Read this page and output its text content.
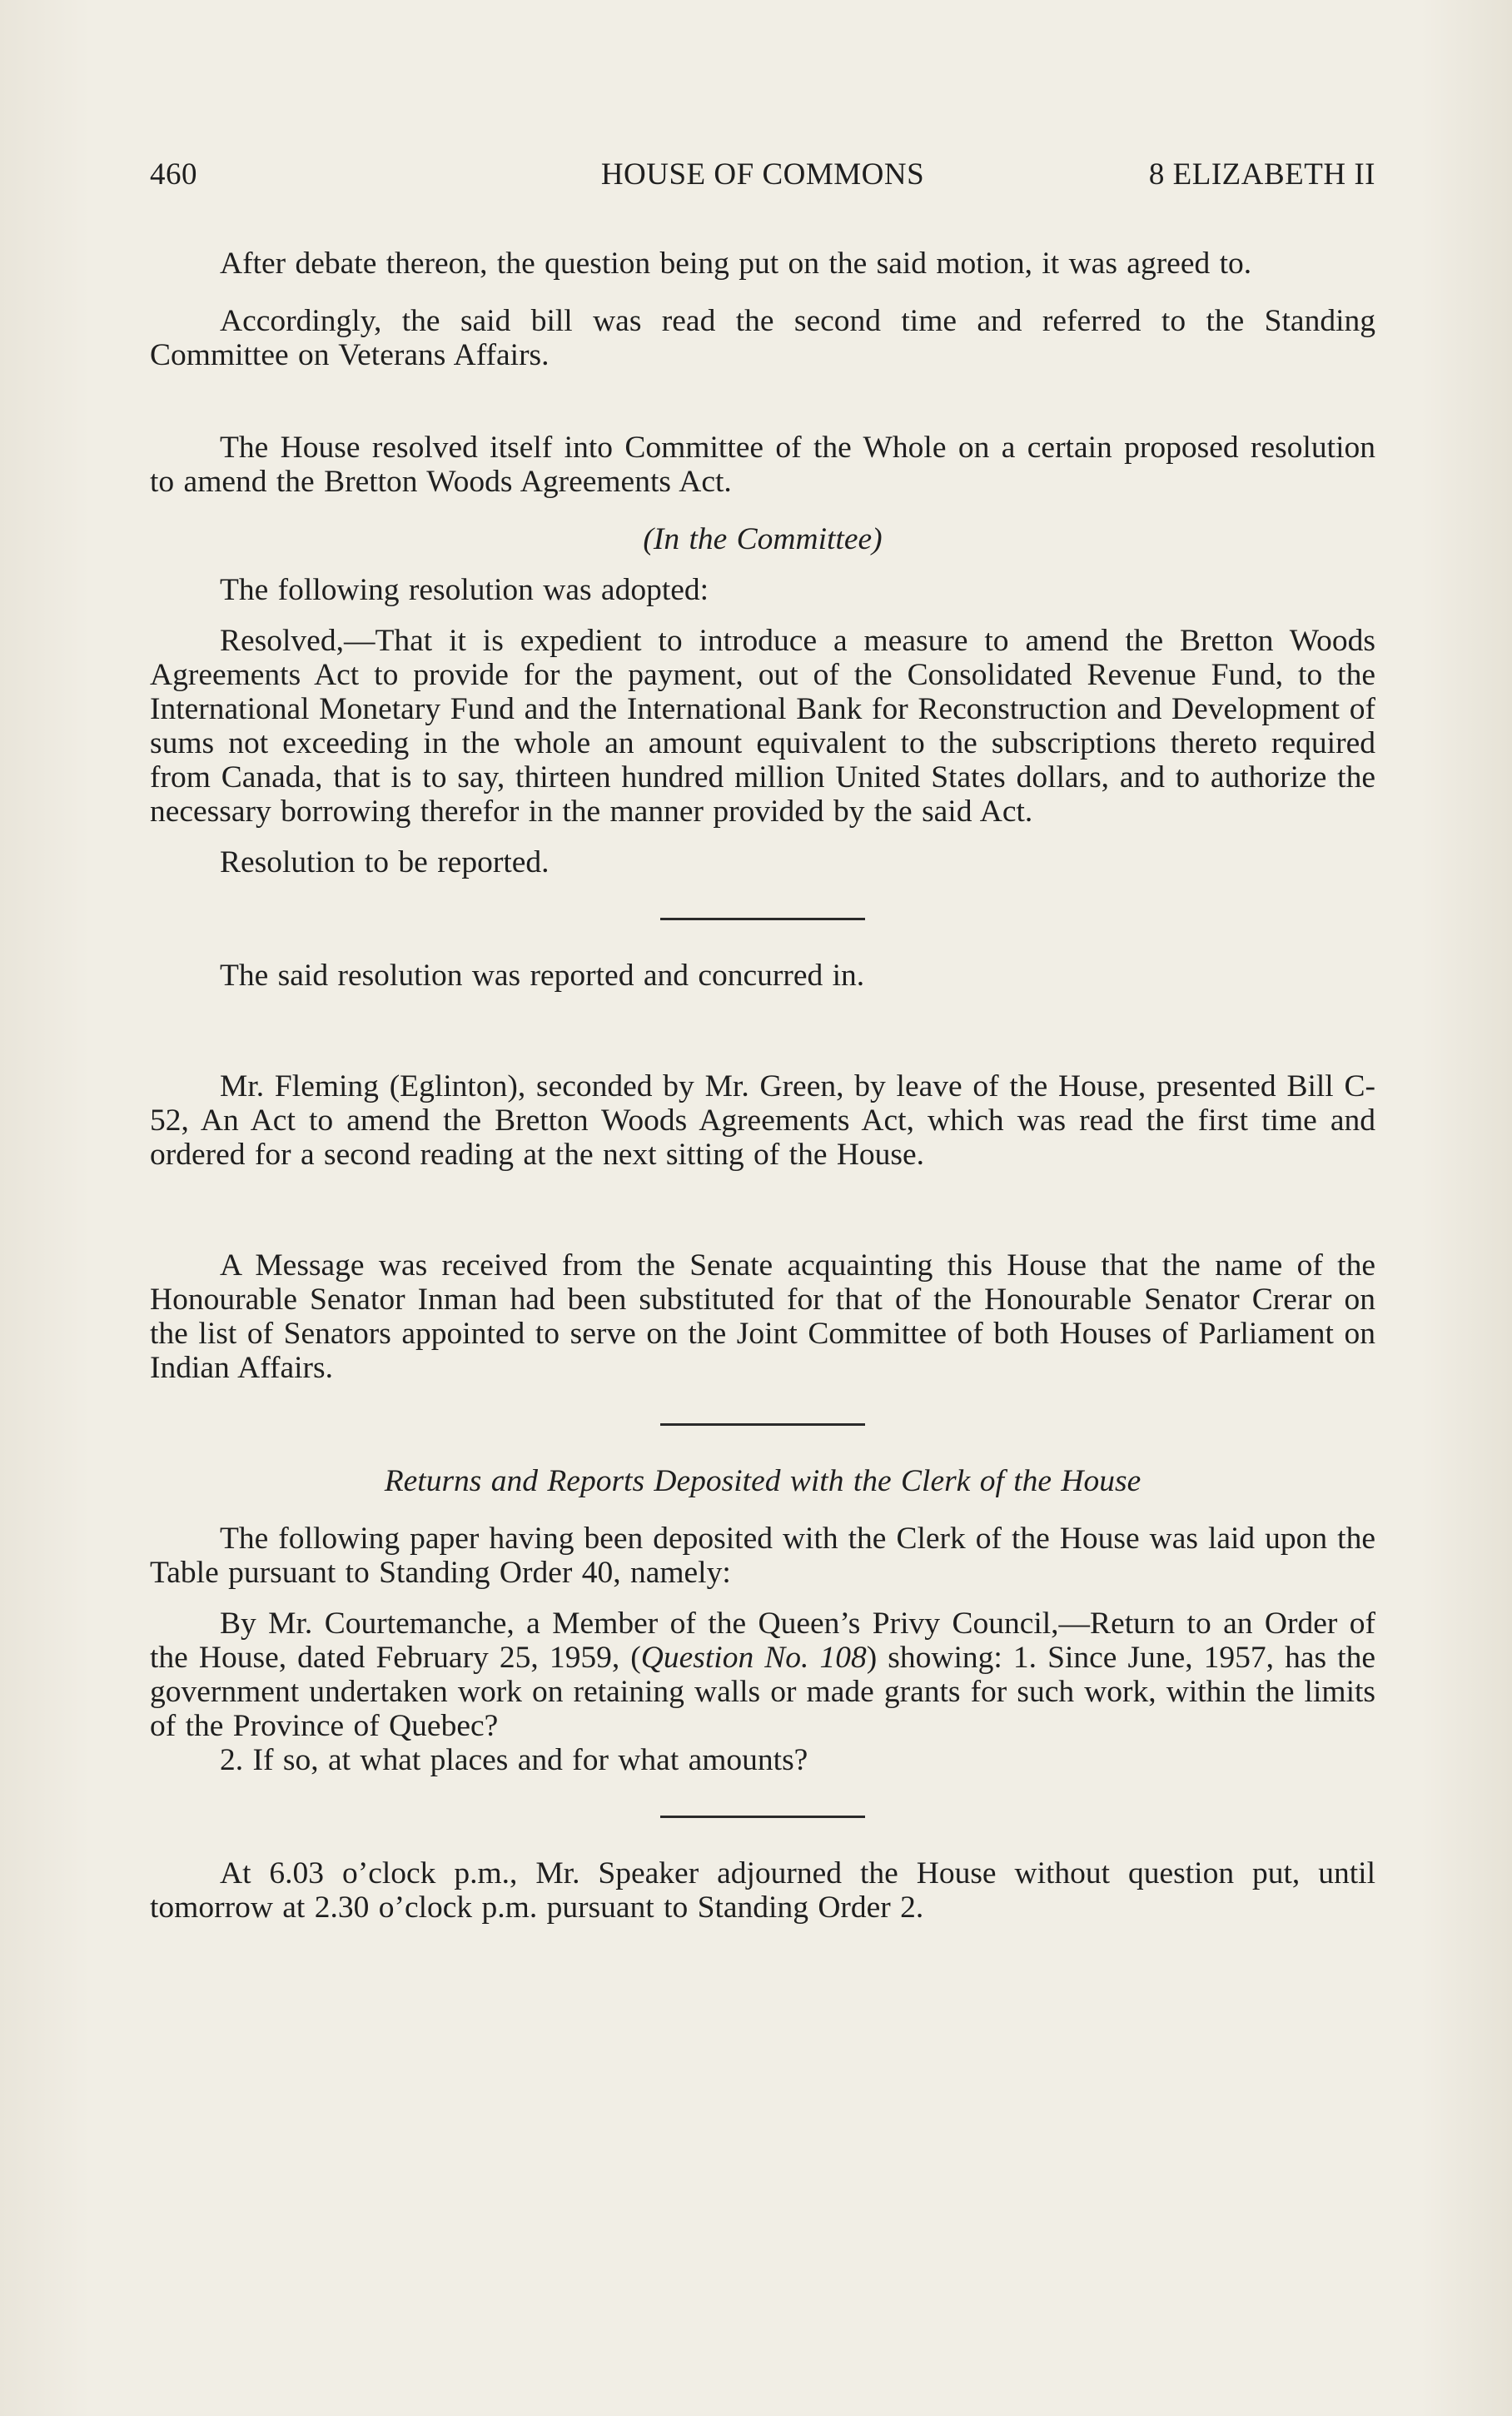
460	HOUSE OF COMMONS	8 ELIZABETH II

After debate thereon, the question being put on the said motion, it was agreed to.

Accordingly, the said bill was read the second time and referred to the Standing Committee on Veterans Affairs.

The House resolved itself into Committee of the Whole on a certain proposed resolution to amend the Bretton Woods Agreements Act.

(In the Committee)

The following resolution was adopted:

Resolved,—That it is expedient to introduce a measure to amend the Bretton Woods Agreements Act to provide for the payment, out of the Consolidated Revenue Fund, to the International Monetary Fund and the International Bank for Reconstruction and Development of sums not exceeding in the whole an amount equivalent to the subscriptions thereto required from Canada, that is to say, thirteen hundred million United States dollars, and to authorize the necessary borrowing therefor in the manner provided by the said Act.

Resolution to be reported.

The said resolution was reported and concurred in.

Mr. Fleming (Eglinton), seconded by Mr. Green, by leave of the House, presented Bill C-52, An Act to amend the Bretton Woods Agreements Act, which was read the first time and ordered for a second reading at the next sitting of the House.

A Message was received from the Senate acquainting this House that the name of the Honourable Senator Inman had been substituted for that of the Honourable Senator Crerar on the list of Senators appointed to serve on the Joint Committee of both Houses of Parliament on Indian Affairs.

Returns and Reports Deposited with the Clerk of the House

The following paper having been deposited with the Clerk of the House was laid upon the Table pursuant to Standing Order 40, namely:

By Mr. Courtemanche, a Member of the Queen’s Privy Council,—Return to an Order of the House, dated February 25, 1959, (Question No. 108) showing: 1. Since June, 1957, has the government undertaken work on retaining walls or made grants for such work, within the limits of the Province of Quebec?

2. If so, at what places and for what amounts?

At 6.03 o’clock p.m., Mr. Speaker adjourned the House without question put, until tomorrow at 2.30 o’clock p.m. pursuant to Standing Order 2.
